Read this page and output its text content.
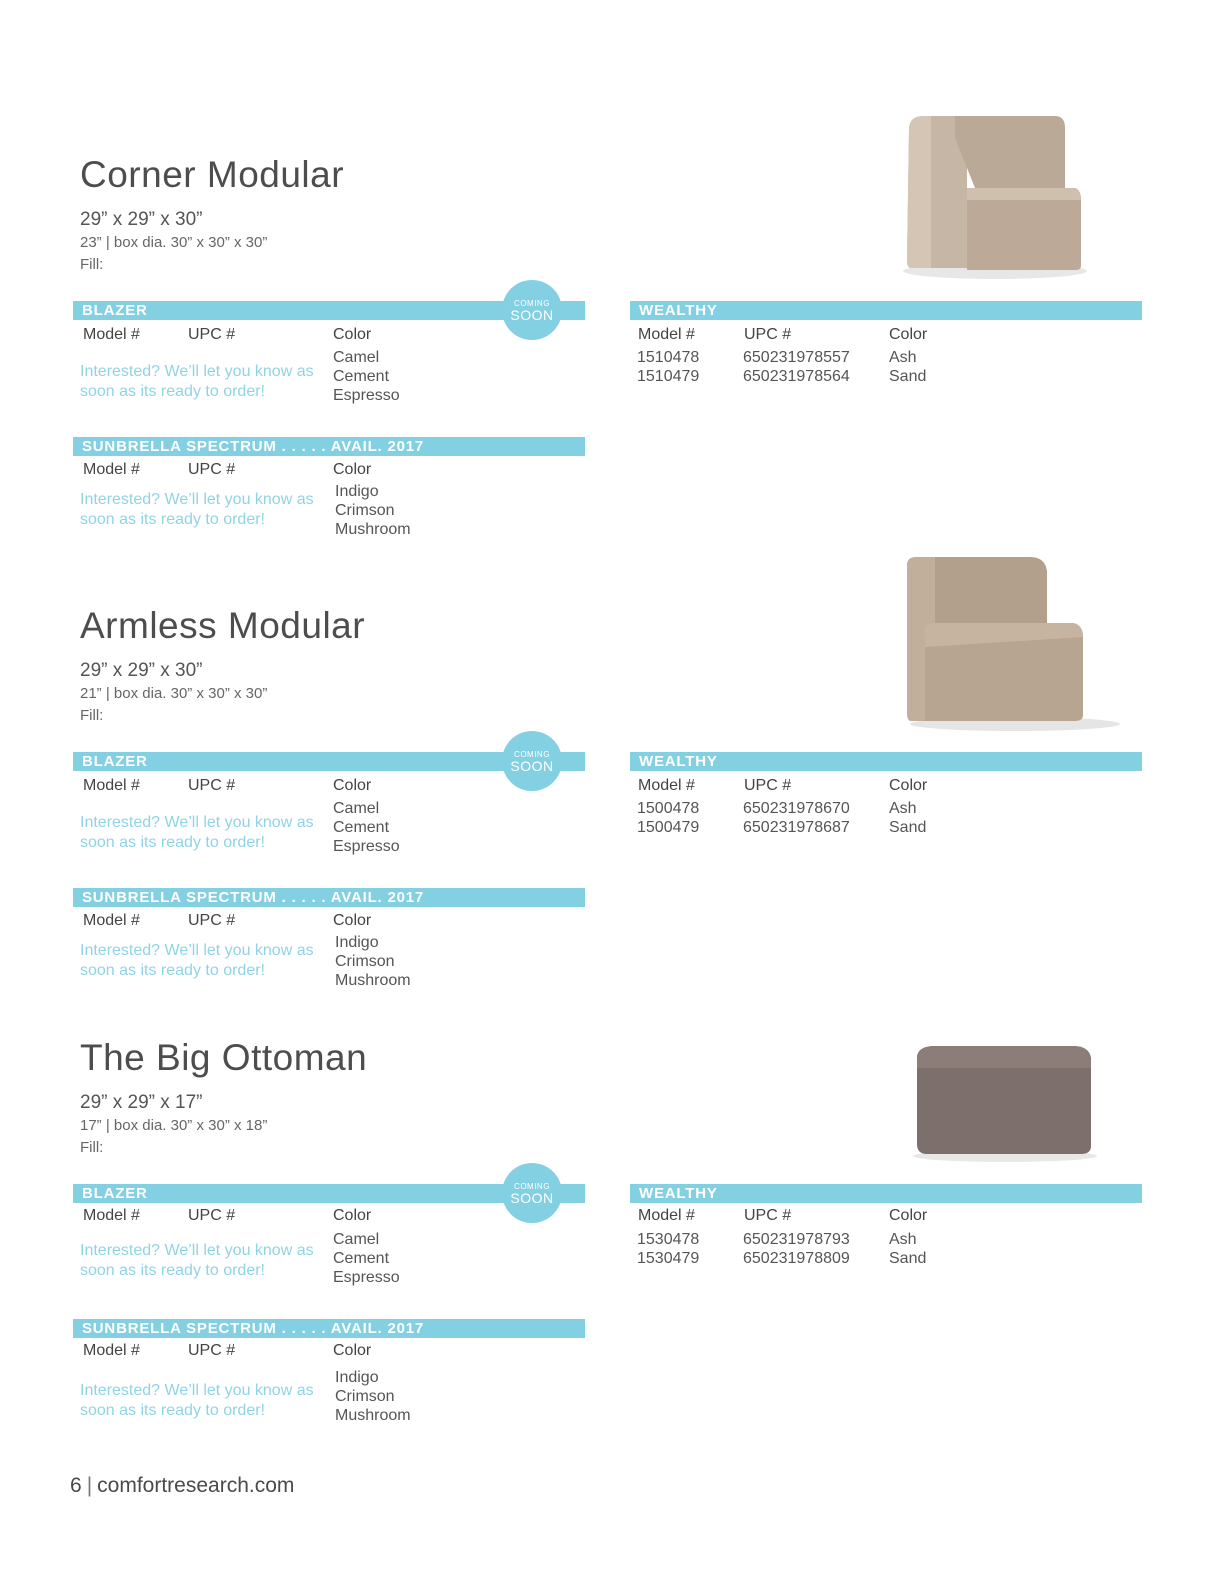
Corner Modular
29” x 29” x 30”
23” | box dia. 30” x 30” x 30”
Fill:
BLAZER	COMING
SOON
Model #	UPC #	Color
Interested? We’ll let you know as soon as its ready to order!
Camel
Cement
Espresso
SUNBRELLA SPECTRUM . . . . . AVAIL. 2017
Model #	UPC #	Color
Interested? We’ll let you know as soon as its ready to order!
Indigo
Crimson
Mushroom
WEALTHY
Model #	UPC #	Color
1510478	650231978557 Ash
1510479	650231978564 Sand
Armless Modular
29” x 29” x 30”
21” | box dia. 30” x 30” x 30”
Fill:
BLAZER	COMING
SOON
Model #	UPC #	Color
Interested? We’ll let you know as soon as its ready to order!
Camel
Cement
Espresso
SUNBRELLA SPECTRUM . . . . . AVAIL. 2017
Model #	UPC #	Color
Interested? We’ll let you know as soon as its ready to order!
Indigo
Crimson
Mushroom
WEALTHY
Model #	UPC #	Color
1500478	650231978670 Ash
1500479	650231978687 Sand
The Big Ottoman
29” x 29” x 17”
17” | box dia. 30” x 30” x 18”
Fill:
BLAZER	COMING
SOON
Model #	UPC #	Color
Interested? We’ll let you know as soon as its ready to order!
Camel
Cement
Espresso
SUNBRELLA SPECTRUM . . . . . AVAIL. 2017
Model #	UPC #	Color
Interested? We’ll let you know as soon as its ready to order!
Indigo
Crimson
Mushroom
WEALTHY
Model #	UPC #	Color
1530478	650231978793 Ash
1530479	650231978809 Sand
6 | comfortresearch.com
